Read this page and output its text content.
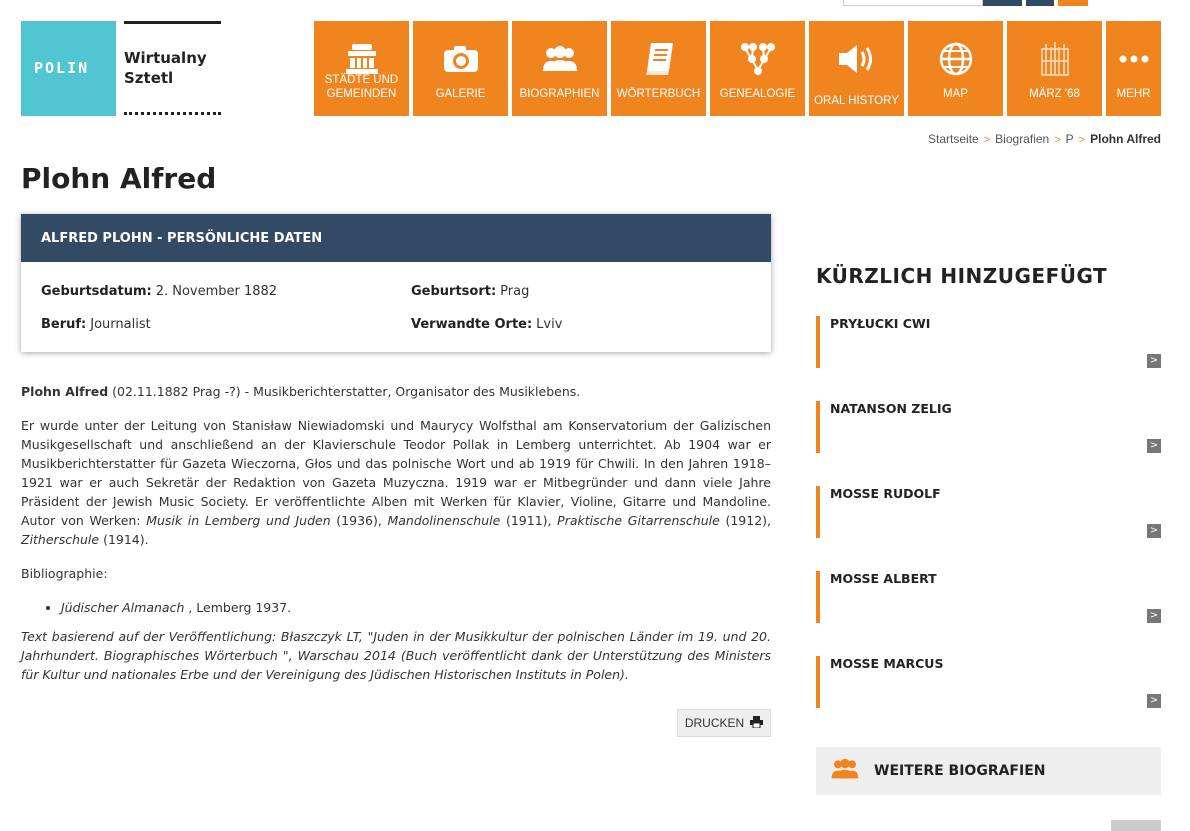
POLIN
Wirtualny
Sztetl	STÄDTE UND GEMEINDEN	GALERIE	BIOGRAPHIEN	WÖRTERBUCH	GENEALOGIE
ORAL HISTORY
MAP	MÄRZ '68	MEHR
Startseite > Biografien > P > Plohn Alfred
Plohn Alfred
ALFRED PLOHN - PERSÖNLICHE DATEN
Geburtsdatum: 2. November 1882	Geburtsort: Prag
Beruf: Journalist	Verwandte Orte: Lviv

Plohn Alfred (02.11.1882 Prag -?) - Musikberichterstatter, Organisator des Musiklebens.

Er wurde unter der Leitung von Stanisław Niewiadomski und Maurycy Wolfsthal am Konservatorium der Galizischen Musikgesellschaft und anschließend an der Klavierschule Teodor Pollak in Lemberg unterrichtet. Ab 1904 war er Musikberichterstatter für Gazeta Wieczorna, Głos und das polnische Wort und ab 1919 für Chwili. In den Jahren 1918–1921 war er auch Sekretär der Redaktion von Gazeta Muzyczna. 1919 war er Mitbegründer und dann viele Jahre Präsident der Jewish Music Society. Er veröffentlichte Alben mit Werken für Klavier, Violine, Gitarre und Mandoline. Autor von Werken: Musik in Lemberg und Juden (1936), Mandolinenschule (1911), Praktische Gitarrenschule (1912), Zitherschule (1914).

Bibliographie:

• Jüdischer Almanach , Lemberg 1937.

Text basierend auf der Veröffentlichung: Błaszczyk LT, "Juden in der Musikkultur der polnischen Länder im 19. und 20. Jahrhundert. Biographisches Wörterbuch ", Warschau 2014 (Buch veröffentlicht dank der Unterstützung des Ministers für Kultur und nationales Erbe und der Vereinigung des Jüdischen Historischen Instituts in Polen).

DRUCKEN
KÜRZLICH HINZUGEFÜGT
PRYŁUCKI CWI
>
NATANSON ZELIG
>
MOSSE RUDOLF
>
MOSSE ALBERT
>
MOSSE MARCUS
>
WEITERE BIOGRAFIEN
